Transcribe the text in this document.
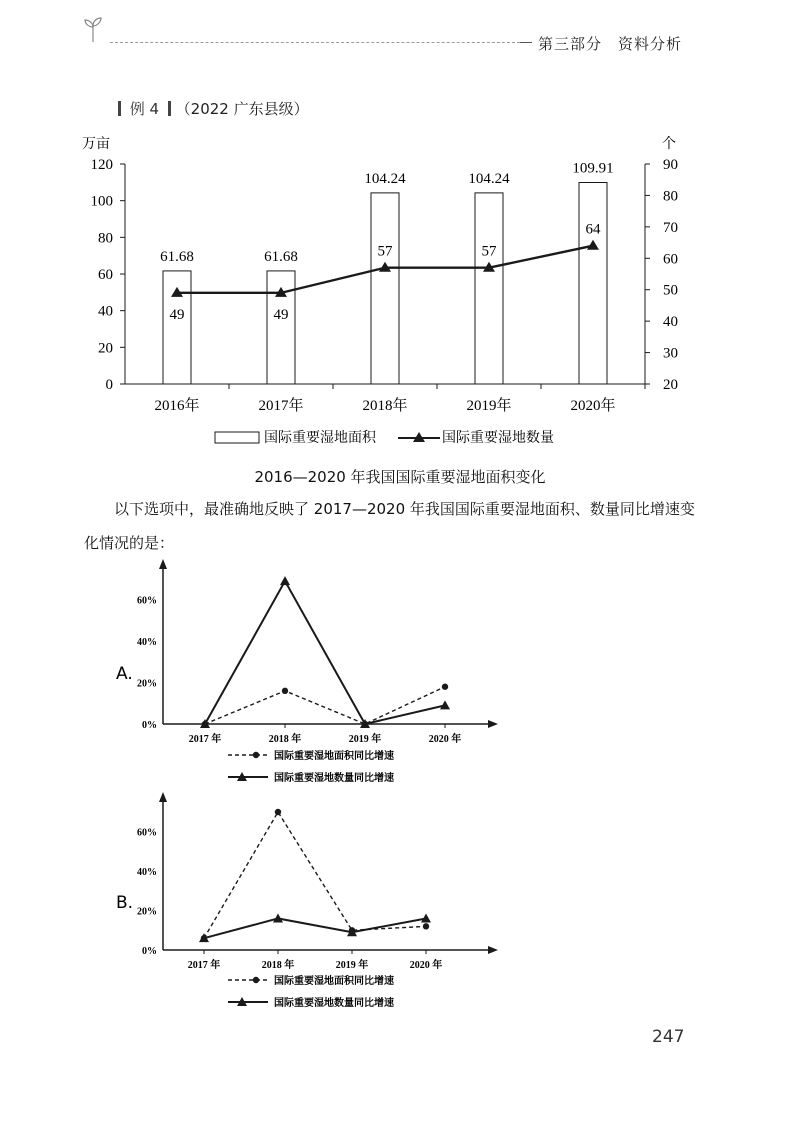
第三部分　资料分析
例 4 （2022 广东县级）
万亩	个
0
20
40
60
80
100
120
20
30
40
50
60
70
80
90
61.68
2016年
61.68
2017年
104.24
2018年
104.24
2019年
109.91
2020年
49	49
57	57
64
国际重要湿地面积	国际重要湿地数量
2016—2020 年我国国际重要湿地面积变化
以下选项中，最准确地反映了 2017—2020 年我国国际重要湿地面积、数量同比增速变化情况的是：
A.
0%
20%
40%
60%
2017 年	2018 年	2019 年	2020 年
国际重要湿地面积同比增速
国际重要湿地数量同比增速
B.
0%
20%
40%
60%
2017 年	2018 年	2019 年	2020 年
国际重要湿地面积同比增速
国际重要湿地数量同比增速
247
